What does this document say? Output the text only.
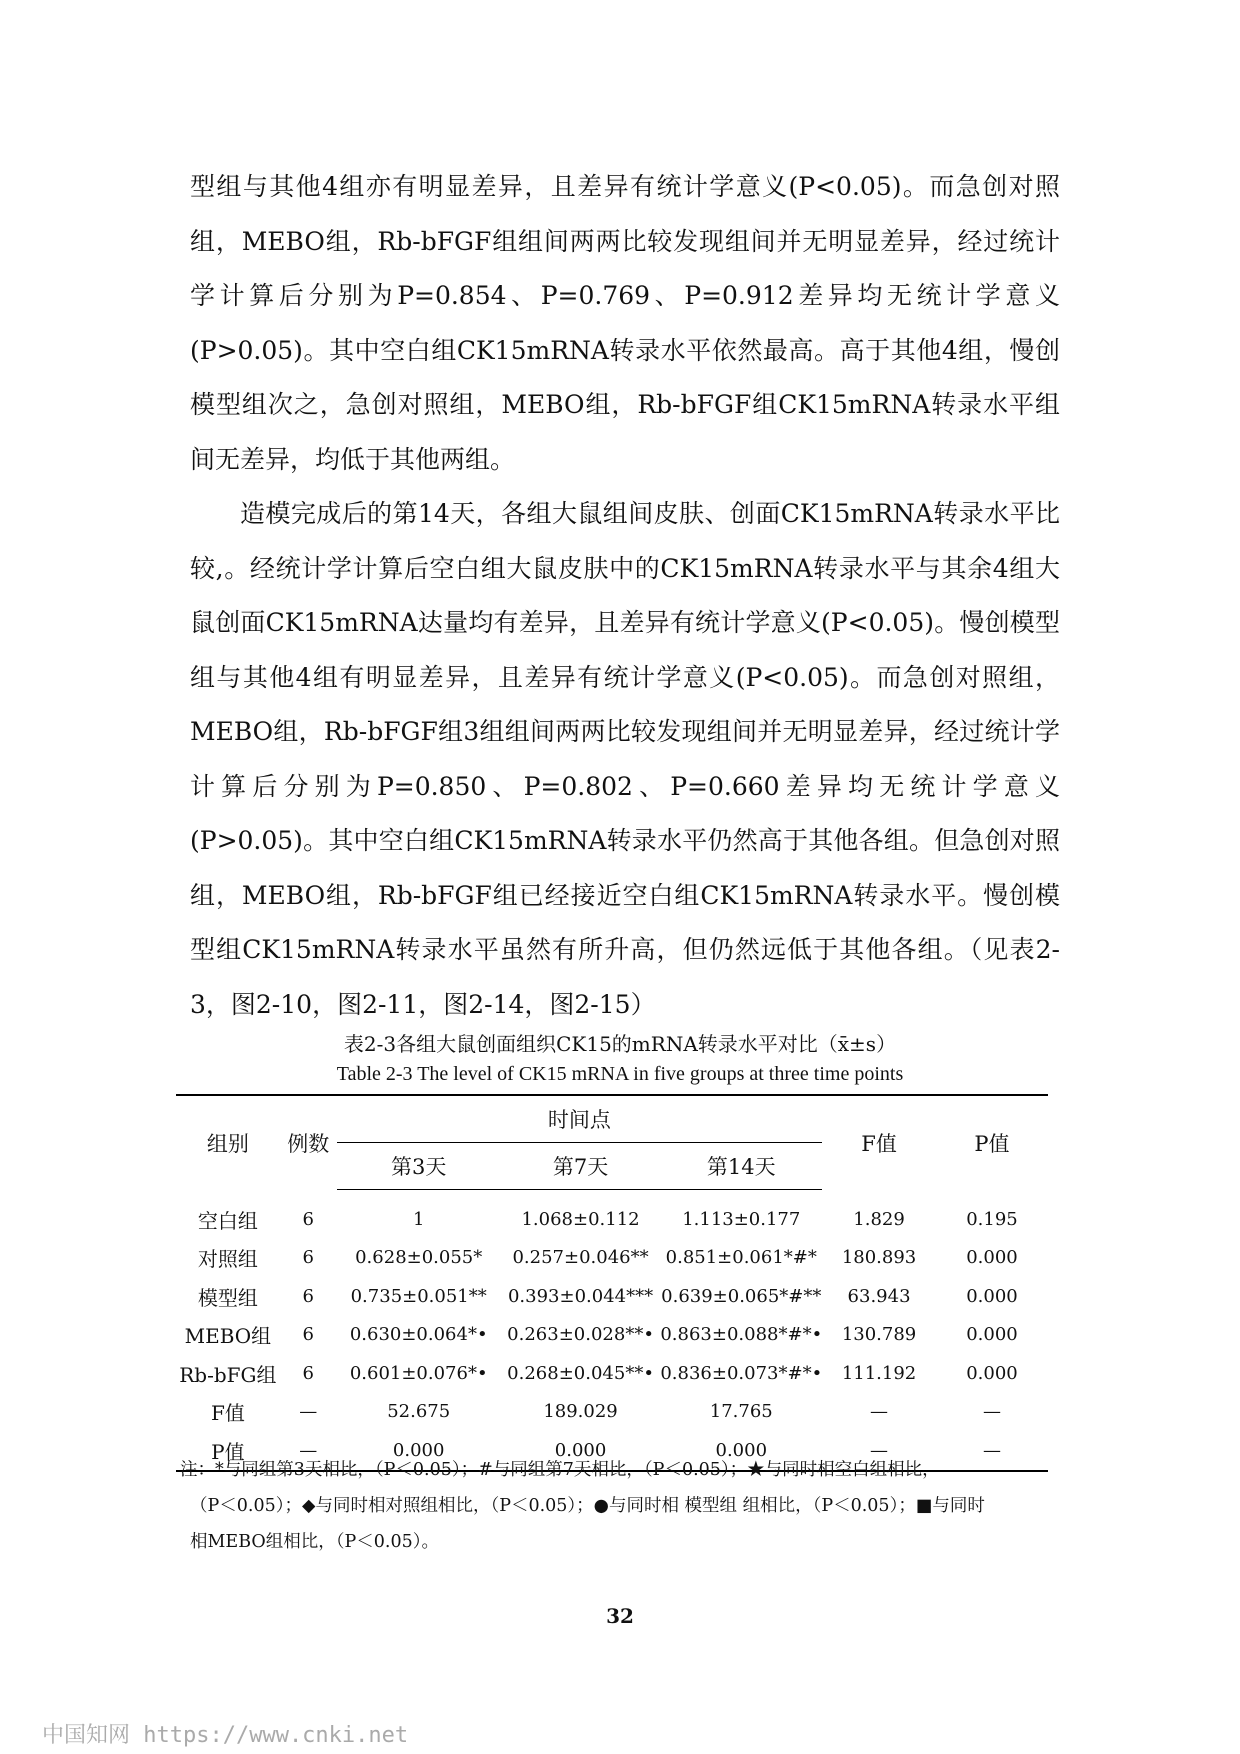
型组与其他4组亦有明显差异，且差异有统计学意义(P<0.05)。而急创对照组，MEBO组，Rb-bFGF组组间两两比较发现组间并无明显差异，经过统计学计算后分别为P=0.854、P=0.769、P=0.912差异均无统计学意义(P>0.05)。其中空白组CK15mRNA转录水平依然最高。高于其他4组，慢创模型组次之，急创对照组，MEBO组，Rb-bFGF组CK15mRNA转录水平组间无差异，均低于其他两组。

造模完成后的第14天，各组大鼠组间皮肤、创面CK15mRNA转录水平比较,。经统计学计算后空白组大鼠皮肤中的CK15mRNA转录水平与其余4组大鼠创面CK15mRNA达量均有差异，且差异有统计学意义(P<0.05)。慢创模型组与其他4组有明显差异，且差异有统计学意义(P<0.05)。而急创对照组，MEBO组，Rb-bFGF组3组组间两两比较发现组间并无明显差异，经过统计学计算后分别为P=0.850、P=0.802、P=0.660差异均无统计学意义(P>0.05)。其中空白组CK15mRNA转录水平仍然高于其他各组。但急创对照组，MEBO组，Rb-bFGF组已经接近空白组CK15mRNA转录水平。慢创模型组CK15mRNA转录水平虽然有所升高，但仍然远低于其他各组。（见表2-3，图2-10，图2-11，图2-14，图2-15）

表2-3各组大鼠创面组织CK15的mRNA转录水平对比（x̄±s）
Table 2-3 The level of CK15 mRNA in five groups at three time points
组别	例数	时间点			F值	P值
		第3天	第7天	第14天		
空白组	6	1	1.068±0.112	1.113±0.177	1.829	0.195
对照组	6	0.628±0.055*	0.257±0.046**	0.851±0.061*#*	180.893	0.000
模型组	6	0.735±0.051**	0.393±0.044***	0.639±0.065*#**	63.943	0.000
MEBO组	6	0.630±0.064*•	0.263±0.028**•	0.863±0.088*#*•	130.789	0.000
Rb-bFG组	6	0.601±0.076*•	0.268±0.045**•	0.836±0.073*#*•	111.192	0.000
F值	—	52.675	189.029	17.765	—	—
P值	—	0.000	0.000	0.000	—	—
注：*与同组第3天相比，（P＜0.05）；#与同组第7天相比，（P＜0.05）；★与同时相空白组相比，
（P＜0.05）；◆与同时相对照组相比，（P＜0.05）；●与同时相 模型组 组相比，（P＜0.05）；■与同时
相MEBO组相比，（P＜0.05）。
32
中国知网 https://www.cnki.net
